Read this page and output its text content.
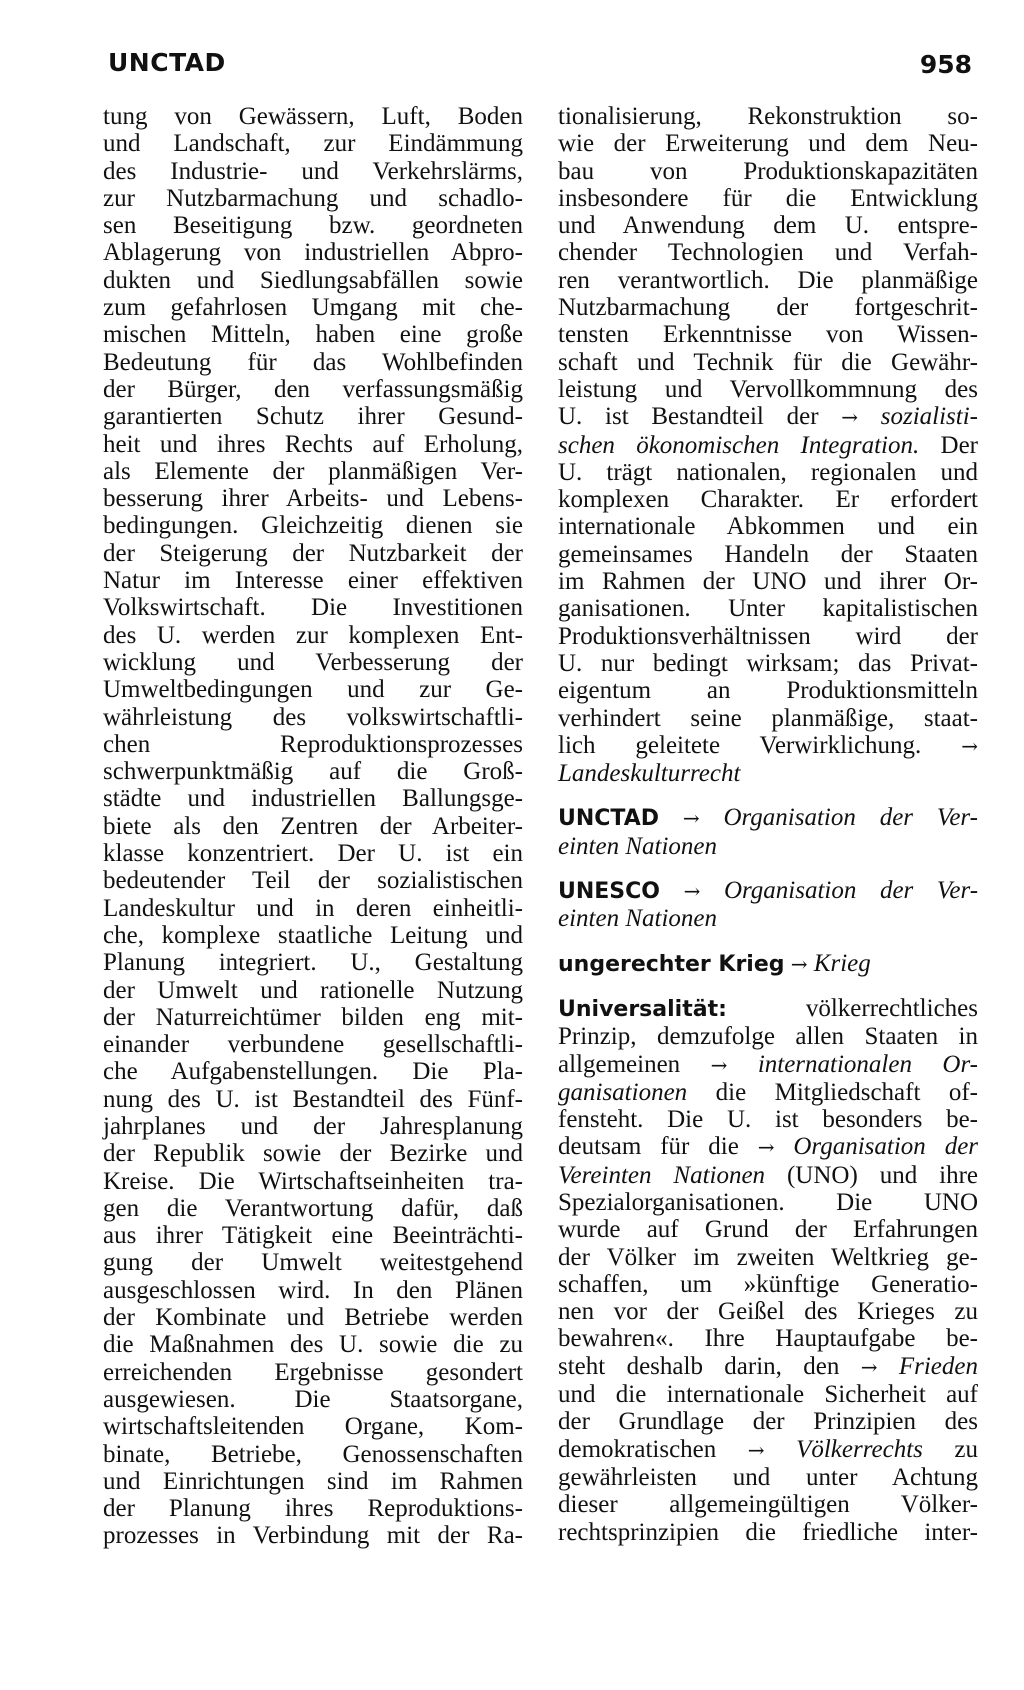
UNCTAD	958
tung von Gewässern, Luft, Boden
und Landschaft, zur Eindämmung
des Industrie- und Verkehrslärms,
zur Nutzbarmachung und schadlo-
sen Beseitigung bzw. geordneten
Ablagerung von industriellen Abpro-
dukten und Siedlungsabfällen sowie
zum gefahrlosen Umgang mit che-
mischen Mitteln, haben eine große
Bedeutung für das Wohlbefinden
der Bürger, den verfassungsmäßig
garantierten Schutz ihrer Gesund-
heit und ihres Rechts auf Erholung,
als Elemente der planmäßigen Ver-
besserung ihrer Arbeits- und Lebens-
bedingungen. Gleichzeitig dienen sie
der Steigerung der Nutzbarkeit der
Natur im Interesse einer effektiven
Volkswirtschaft. Die Investitionen
des U. werden zur komplexen Ent-
wicklung und Verbesserung der
Umweltbedingungen und zur Ge-
währleistung des volkswirtschaftli-
chen Reproduktionsprozesses
schwerpunktmäßig auf die Groß-
städte und industriellen Ballungsge-
biete als den Zentren der Arbeiter-
klasse konzentriert. Der U. ist ein
bedeutender Teil der sozialistischen
Landeskultur und in deren einheitli-
che, komplexe staatliche Leitung und
Planung integriert. U., Gestaltung
der Umwelt und rationelle Nutzung
der Naturreichtümer bilden eng mit-
einander verbundene gesellschaftli-
che Aufgabenstellungen. Die Pla-
nung des U. ist Bestandteil des Fünf-
jahrplanes und der Jahresplanung
der Republik sowie der Bezirke und
Kreise. Die Wirtschaftseinheiten tra-
gen die Verantwortung dafür, daß
aus ihrer Tätigkeit eine Beeinträchti-
gung der Umwelt weitestgehend
ausgeschlossen wird. In den Plänen
der Kombinate und Betriebe werden
die Maßnahmen des U. sowie die zu
erreichenden Ergebnisse gesondert
ausgewiesen. Die Staatsorgane,
wirtschaftsleitenden Organe, Kom-
binate, Betriebe, Genossenschaften
und Einrichtungen sind im Rahmen
der Planung ihres Reproduktions-
prozesses in Verbindung mit der Ra-
tionalisierung, Rekonstruktion so-
wie der Erweiterung und dem Neu-
bau von Produktionskapazitäten
insbesondere für die Entwicklung
und Anwendung dem U. entspre-
chender Technologien und Verfah-
ren verantwortlich. Die planmäßige
Nutzbarmachung der fortgeschrit-
tensten Erkenntnisse von Wissen-
schaft und Technik für die Gewähr-
leistung und Vervollkommnung des
U. ist Bestandteil der → sozialisti-
schen ökonomischen Integration. Der
U. trägt nationalen, regionalen und
komplexen Charakter. Er erfordert
internationale Abkommen und ein
gemeinsames Handeln der Staaten
im Rahmen der UNO und ihrer Or-
ganisationen. Unter kapitalistischen
Produktionsverhältnissen wird der
U. nur bedingt wirksam; das Privat-
eigentum an Produktionsmitteln
verhindert seine planmäßige, staat-
lich geleitete Verwirklichung. →
Landeskulturrecht
UNCTAD → Organisation der Ver-
einten Nationen
UNESCO → Organisation der Ver-
einten Nationen
ungerechter Krieg → Krieg
Universalität:	völkerrechtliches
Prinzip, demzufolge allen Staaten in
allgemeinen → internationalen Or-
ganisationen die Mitgliedschaft of-
fensteht. Die U. ist besonders be-
deutsam für die → Organisation der
Vereinten Nationen (UNO) und ihre
Spezialorganisationen. Die UNO
wurde auf Grund der Erfahrungen
der Völker im zweiten Weltkrieg ge-
schaffen, um »künftige Generatio-
nen vor der Geißel des Krieges zu
bewahren«. Ihre Hauptaufgabe be-
steht deshalb darin, den → Frieden
und die internationale Sicherheit auf
der Grundlage der Prinzipien des
demokratischen → Völkerrechts zu
gewährleisten und unter Achtung
dieser allgemeingültigen Völker-
rechtsprinzipien die friedliche inter-
